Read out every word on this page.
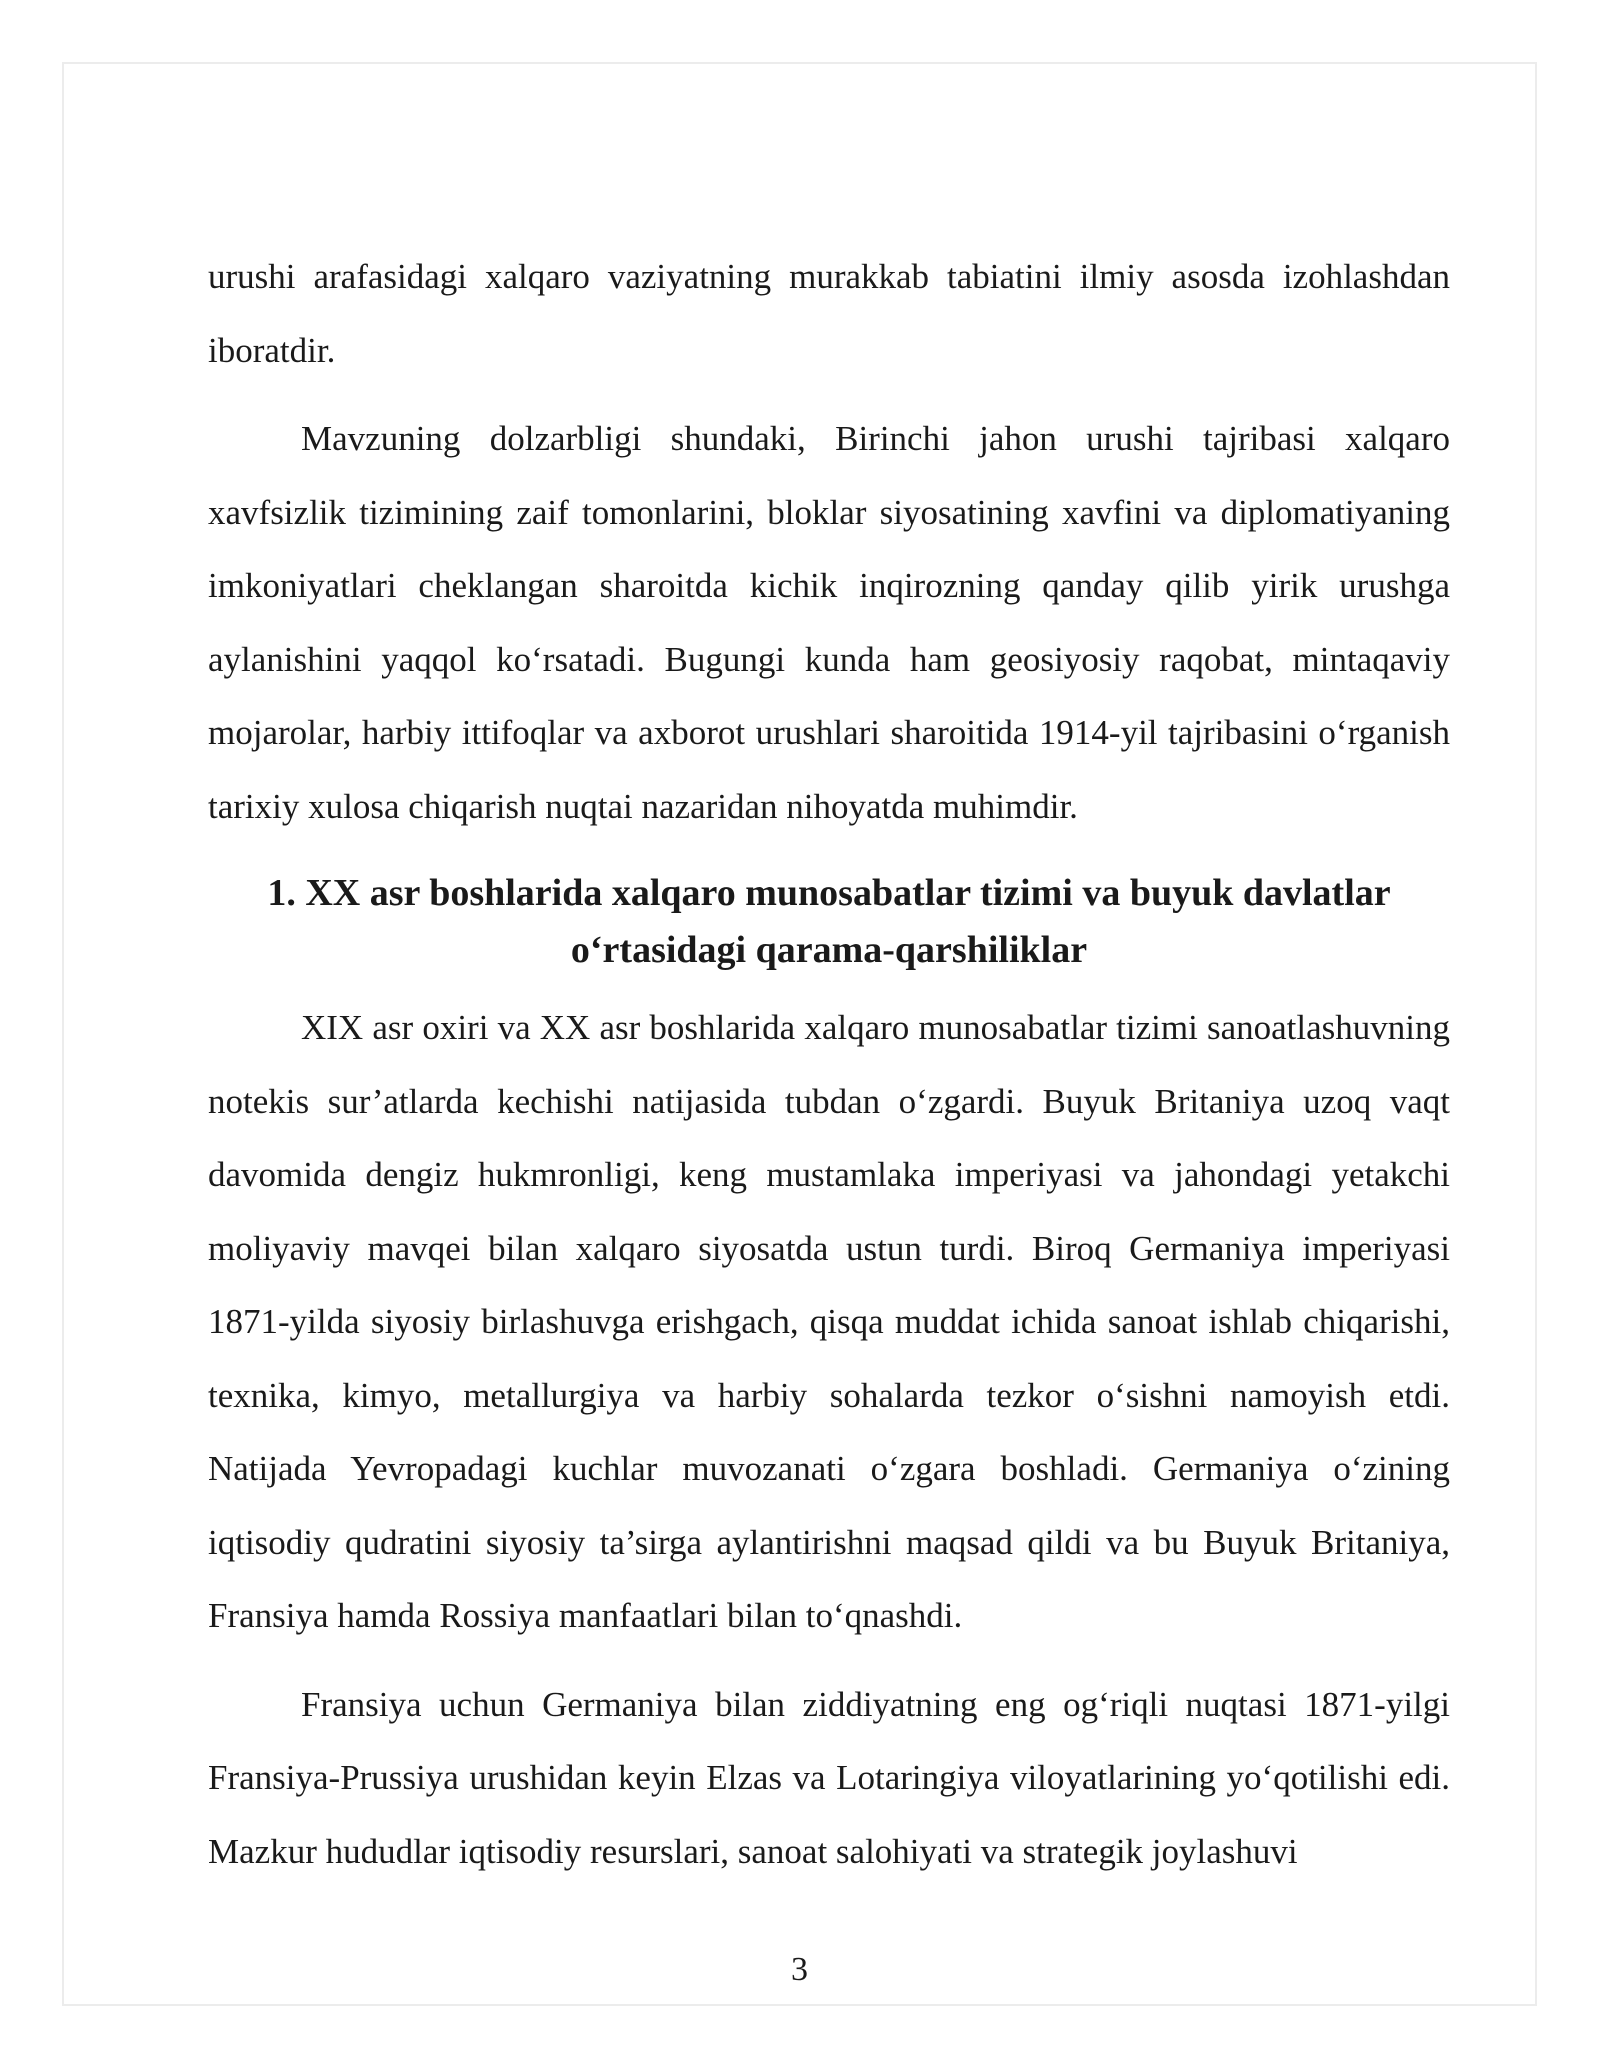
urushi arafasidagi xalqaro vaziyatning murakkab tabiatini ilmiy asosda izohlashdan iboratdir.

Mavzuning dolzarbligi shundaki, Birinchi jahon urushi tajribasi xalqaro xavfsizlik tizimining zaif tomonlarini, bloklar siyosatining xavfini va diplomatiyaning imkoniyatlari cheklangan sharoitda kichik inqirozning qanday qilib yirik urushga aylanishini yaqqol ko‘rsatadi. Bugungi kunda ham geosiyosiy raqobat, mintaqaviy mojarolar, harbiy ittifoqlar va axborot urushlari sharoitida 1914-yil tajribasini o‘rganish tarixiy xulosa chiqarish nuqtai nazaridan nihoyatda muhimdir.

1. XX asr boshlarida xalqaro munosabatlar tizimi va buyuk davlatlar o‘rtasidagi qarama-qarshiliklar

XIX asr oxiri va XX asr boshlarida xalqaro munosabatlar tizimi sanoatlashuvning notekis sur’atlarda kechishi natijasida tubdan o‘zgardi. Buyuk Britaniya uzoq vaqt davomida dengiz hukmronligi, keng mustamlaka imperiyasi va jahondagi yetakchi moliyaviy mavqei bilan xalqaro siyosatda ustun turdi. Biroq Germaniya imperiyasi 1871-yilda siyosiy birlashuvga erishgach, qisqa muddat ichida sanoat ishlab chiqarishi, texnika, kimyo, metallurgiya va harbiy sohalarda tezkor o‘sishni namoyish etdi. Natijada Yevropadagi kuchlar muvozanati o‘zgara boshladi. Germaniya o‘zining iqtisodiy qudratini siyosiy ta’sirga aylantirishni maqsad qildi va bu Buyuk Britaniya, Fransiya hamda Rossiya manfaatlari bilan to‘qnashdi.

Fransiya uchun Germaniya bilan ziddiyatning eng og‘riqli nuqtasi 1871-yilgi Fransiya-Prussiya urushidan keyin Elzas va Lotaringiya viloyatlarining yo‘qotilishi edi. Mazkur hududlar iqtisodiy resurslari, sanoat salohiyati va strategik joylashuvi

3
